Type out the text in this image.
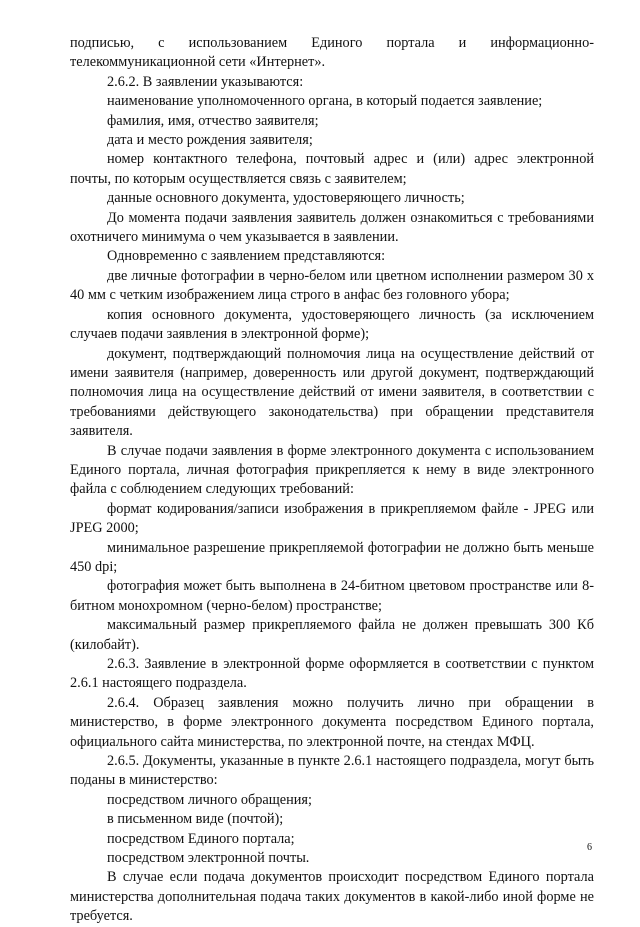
подписью, с использованием Единого портала и информационно-телекоммуникационной сети «Интернет».

2.6.2. В заявлении указываются:

наименование уполномоченного органа, в который подается заявление;

фамилия, имя, отчество заявителя;

дата и место рождения заявителя;

номер контактного телефона, почтовый адрес и (или) адрес электронной почты, по которым осуществляется связь с заявителем;

данные основного документа, удостоверяющего личность;

До момента подачи заявления заявитель должен ознакомиться с требованиями охотничего минимума о чем указывается в заявлении.

Одновременно с заявлением представляются:

две личные фотографии в черно-белом или цветном исполнении размером 30 х 40 мм с четким изображением лица строго в анфас без головного убора;

копия основного документа, удостоверяющего личность (за исключением случаев подачи заявления в электронной форме);

документ, подтверждающий полномочия лица на осуществление действий от имени заявителя (например, доверенность или другой документ, подтверждающий полномочия лица на осуществление действий от имени заявителя, в соответствии с требованиями действующего законодательства) при обращении представителя заявителя.

В случае подачи заявления в форме электронного документа с использованием Единого портала, личная фотография прикрепляется к нему в виде электронного файла с соблюдением следующих требований:

формат кодирования/записи изображения в прикрепляемом файле - JPEG или JPEG 2000;

минимальное разрешение прикрепляемой фотографии не должно быть меньше 450 dpi;

фотография может быть выполнена в 24-битном цветовом пространстве или 8-битном монохромном (черно-белом) пространстве;

максимальный размер прикрепляемого файла не должен превышать 300 Кб (килобайт).

2.6.3. Заявление в электронной форме оформляется в соответствии с пунктом 2.6.1 настоящего подраздела.

2.6.4. Образец заявления можно получить лично при обращении в министерство, в форме электронного документа посредством Единого портала, официального сайта министерства, по электронной почте, на стендах МФЦ.

2.6.5. Документы, указанные в пункте 2.6.1 настоящего подраздела, могут быть поданы в министерство:

посредством личного обращения;

в письменном виде (почтой);

посредством Единого портала;

посредством электронной почты.

В случае если подача документов происходит посредством Единого портала министерства дополнительная подача таких документов в какой-либо иной форме не требуется.

6
